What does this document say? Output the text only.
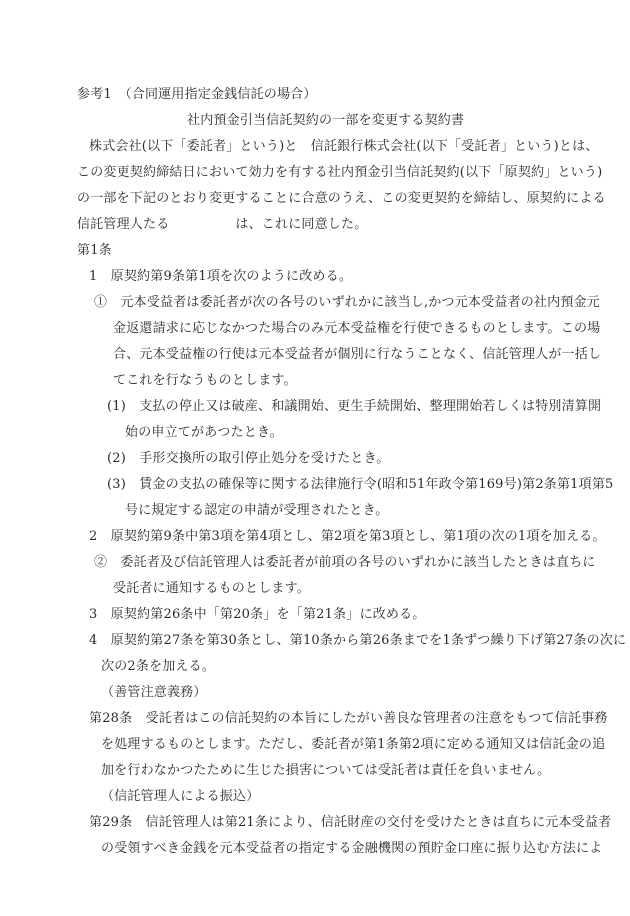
参考1　（合同運用指定金銭信託の場合）
社内預金引当信託契約の一部を変更する契約書
株式会社(以下「委託者」という)と　信託銀行株式会社(以下「受託者」という)とは、
この変更契約締結日において効力を有する社内預金引当信託契約(以下「原契約」という)
の一部を下記のとおり変更することに合意のうえ、この変更契約を締結し、原契約による
信託管理人たる　　　　　は、これに同意した。
第1条
1　原契約第9条第1項を次のように改める。
①　元本受益者は委託者が次の各号のいずれかに該当し,かつ元本受益者の社内預金元
金返還請求に応じなかつた場合のみ元本受益権を行使できるものとします。この場
合、元本受益権の行使は元本受益者が個別に行なうことなく、信託管理人が一括し
てこれを行なうものとします。
(1)　支払の停止又は破産、和議開始、更生手続開始、整理開始若しくは特別清算開
始の申立てがあつたとき。
(2)　手形交換所の取引停止処分を受けたとき。
(3)　賃金の支払の確保等に関する法律施行令(昭和51年政令第169号)第2条第1項第5
号に規定する認定の申請が受理されたとき。
2　原契約第9条中第3項を第4項とし、第2項を第3項とし、第1項の次の1項を加える。
②　委託者及び信託管理人は委託者が前項の各号のいずれかに該当したときは直ちに
受託者に通知するものとします。
3　原契約第26条中「第20条」を「第21条」に改める。
4　原契約第27条を第30条とし、第10条から第26条までを1条ずつ繰り下げ第27条の次に
次の2条を加える。
（善管注意義務）
第28条　受託者はこの信託契約の本旨にしたがい善良な管理者の注意をもつて信託事務
を処理するものとします。ただし、委託者が第1条第2項に定める通知又は信託金の追
加を行わなかつたために生じた損害については受託者は責任を負いません。
（信託管理人による振込）
第29条　信託管理人は第21条により、信託財産の交付を受けたときは直ちに元本受益者
の受領すべき金銭を元本受益者の指定する金融機関の預貯金口座に振り込む方法によ
